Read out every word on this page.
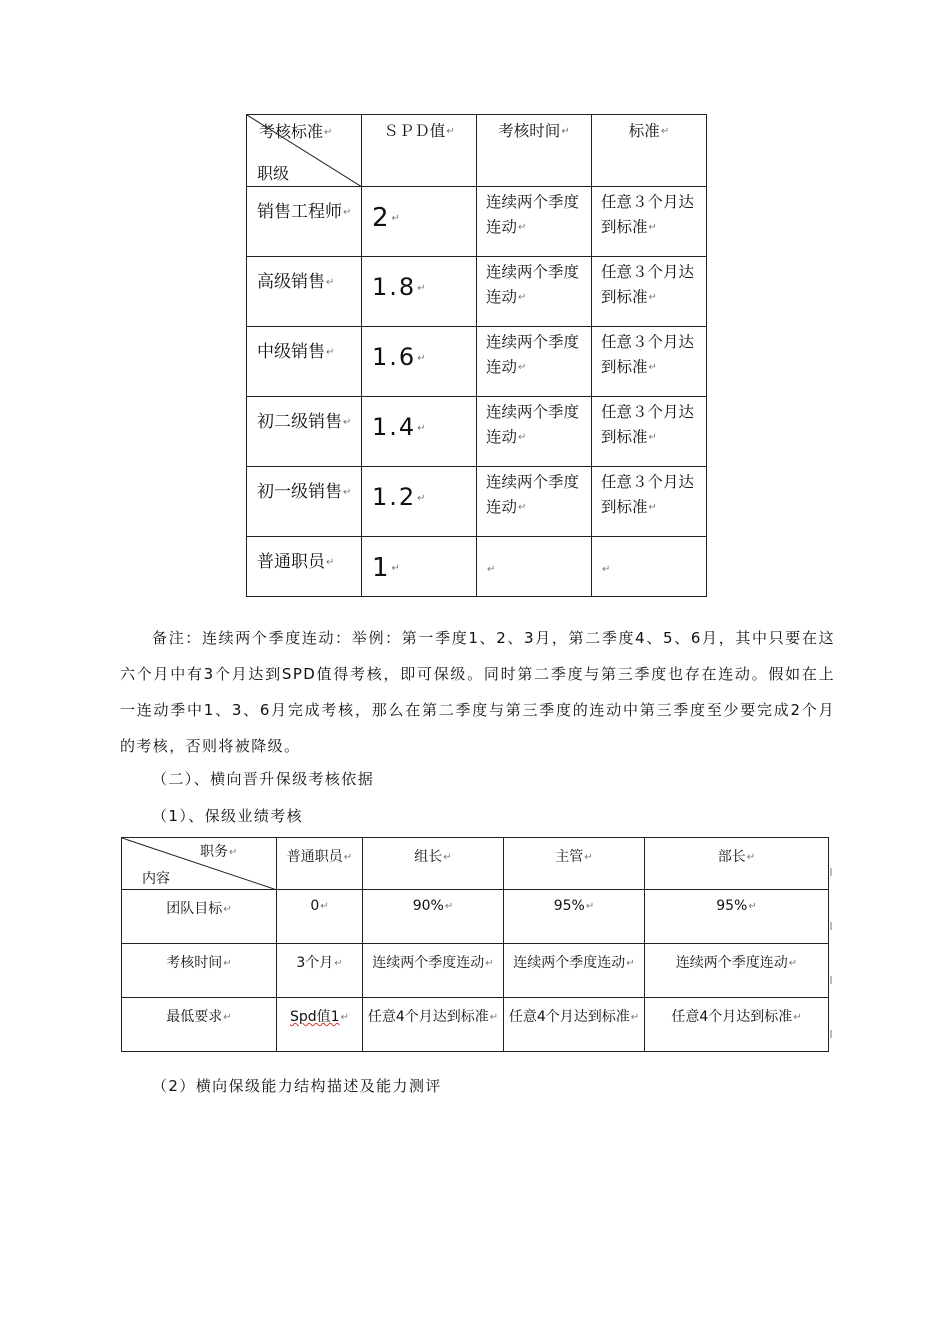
考核标准↵
职级	ＳＰＤ值↵	考核时间↵	标准↵
销售工程师↵	2↵	连续两个季度连动↵	任意３个月达到标准↵
高级销售↵	1.8↵	连续两个季度连动↵	任意３个月达到标准↵
中级销售↵	1.6↵	连续两个季度连动↵	任意３个月达到标准↵
初二级销售↵	1.4↵	连续两个季度连动↵	任意３个月达到标准↵
初一级销售↵	1.2↵	连续两个季度连动↵	任意３个月达到标准↵
普通职员↵	1↵	↵	↵
备注：连续两个季度连动：举例：第一季度1、2、3月，第二季度4、5、6月，其中只要在这六个月中有3个月达到SPD值得考核，即可保级。同时第二季度与第三季度也存在连动。假如在上一连动季中1、3、6月完成考核，那么在第二季度与第三季度的连动中第三季度至少要完成2个月的考核，否则将被降级。
（二）、横向晋升保级考核依据
（1）、保级业绩考核
职务↵
内容	普通职员↵	组长↵	主管↵	部长↵

团队目标↵	0↵	90%↵	95%↵	95%↵

考核时间↵	3个月↵	连续两个季度连动↵	连续两个季度连动↵	连续两个季度连动↵

最低要求↵	Spd值1↵	任意4个月达到标准↵	任意4个月达到标准↵	任意4个月达到标准↵
（2）横向保级能力结构描述及能力测评
